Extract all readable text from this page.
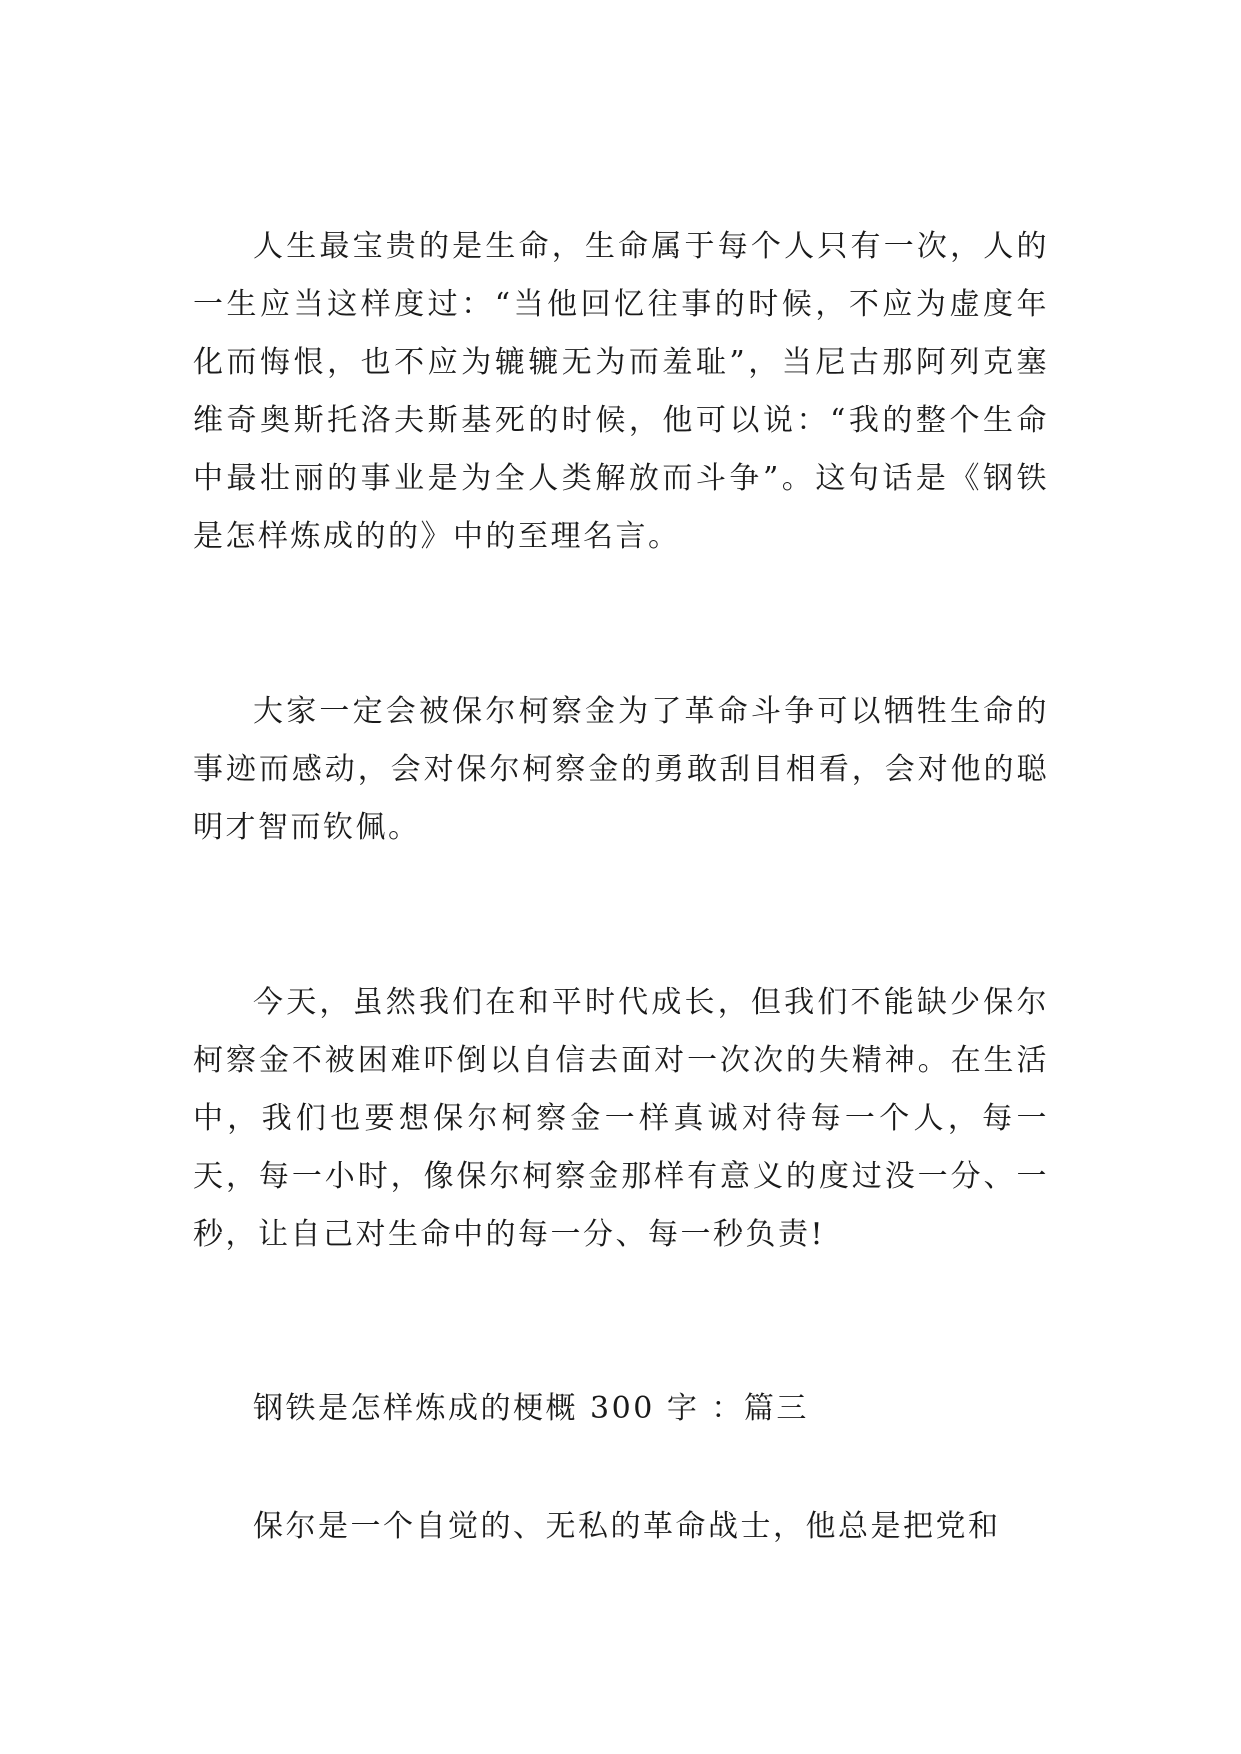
人生最宝贵的是生命，生命属于每个人只有一次，人的一生应当这样度过：“当他回忆往事的时候，不应为虚度年化而悔恨，也不应为辘辘无为而羞耻”，当尼古那阿列克塞维奇奥斯托洛夫斯基死的时候，他可以说：“我的整个生命中最壮丽的事业是为全人类解放而斗争”。这句话是《钢铁是怎样炼成的的》中的至理名言。

大家一定会被保尔柯察金为了革命斗争可以牺牲生命的事迹而感动，会对保尔柯察金的勇敢刮目相看，会对他的聪明才智而钦佩。

今天，虽然我们在和平时代成长，但我们不能缺少保尔柯察金不被困难吓倒以自信去面对一次次的失精神。在生活中，我们也要想保尔柯察金一样真诚对待每一个人，每一天，每一小时，像保尔柯察金那样有意义的度过没一分、一秒，让自己对生命中的每一分、每一秒负责!

钢铁是怎样炼成的梗概 300 字 ：篇三

保尔是一个自觉的、无私的革命战士，他总是把党和
